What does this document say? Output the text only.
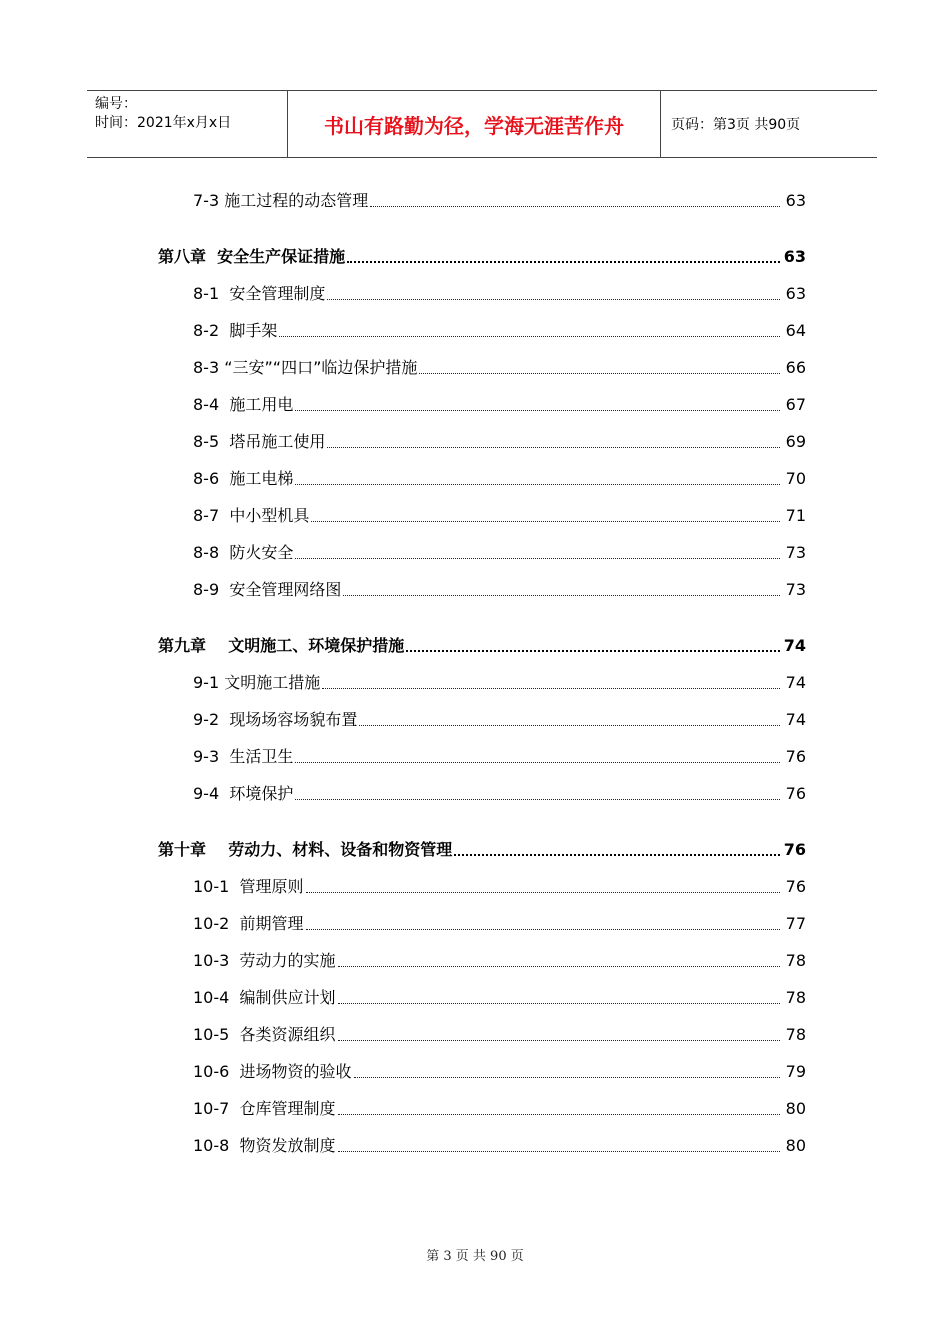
编号：
时间：2021年x月x日	书山有路勤为径，学海无涯苦作舟	页码：第3页 共90页
7-3 施工过程的动态管理	63
第八章 安全生产保证措施	63
8-1 安全管理制度	63
8-2 脚手架	64
8-3 “三安”“四口”临边保护措施	66
8-4 施工用电	67
8-5 塔吊施工使用	69
8-6 施工电梯	70
8-7 中小型机具	71
8-8 防火安全	73
8-9 安全管理网络图	73
第九章 文明施工、环境保护措施	74
9-1 文明施工措施	74
9-2 现场场容场貌布置	74
9-3 生活卫生	76
9-4 环境保护	76
第十章 劳动力、材料、设备和物资管理	76
10-1 管理原则	76
10-2 前期管理	77
10-3 劳动力的实施	78
10-4 编制供应计划	78
10-5 各类资源组织	78
10-6 进场物资的验收	79
10-7 仓库管理制度	80
10-8 物资发放制度	80
第 3 页 共 90 页
